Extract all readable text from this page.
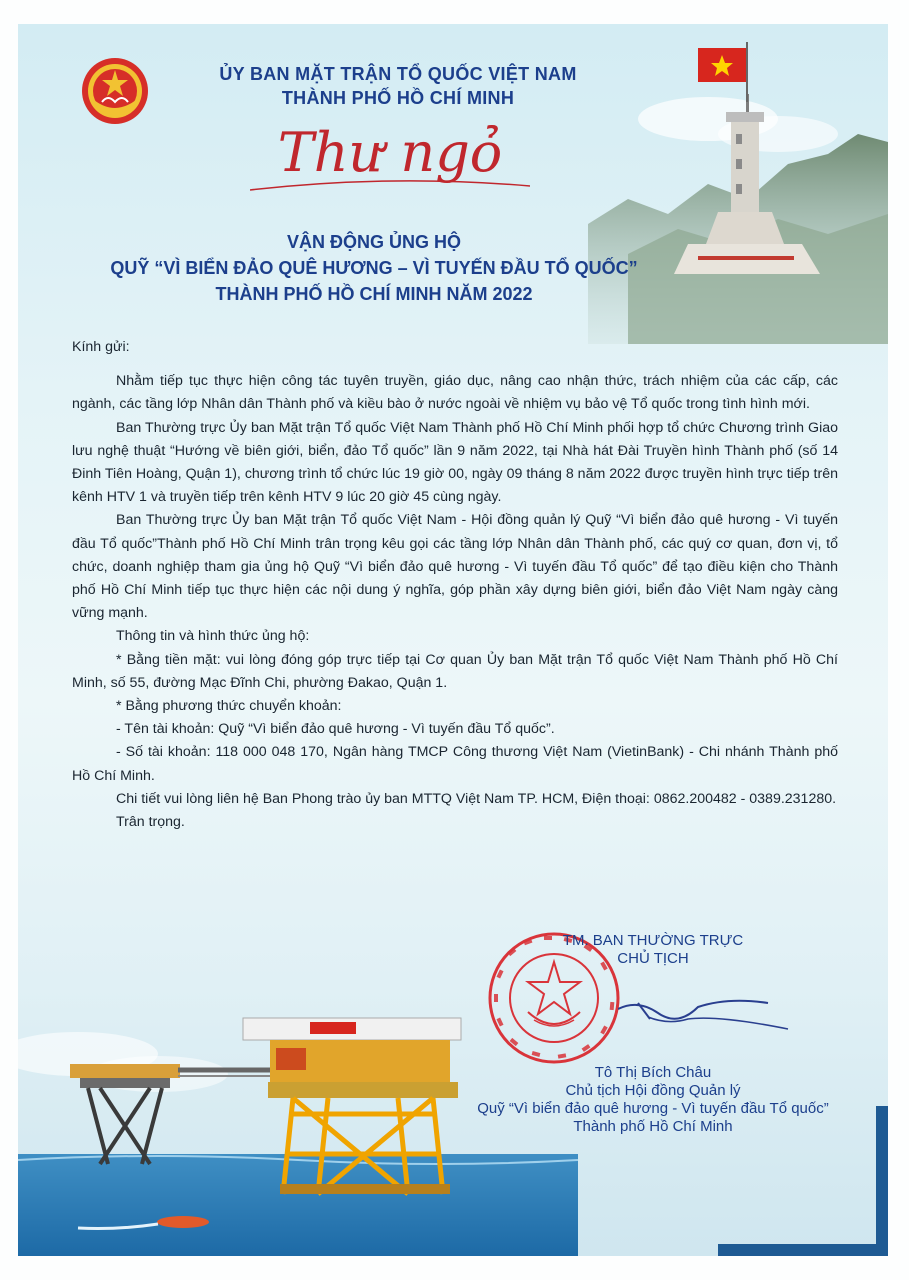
ỦY BAN MẶT TRẬN TỔ QUỐC VIỆT NAM
THÀNH PHỐ HỒ CHÍ MINH
Thư ngỏ
VẬN ĐỘNG ỦNG HỘ
QUỸ “VÌ BIỂN ĐẢO QUÊ HƯƠNG – VÌ TUYẾN ĐẦU TỔ QUỐC”
THÀNH PHỐ HỒ CHÍ MINH NĂM 2022

Kính gửi:

Nhằm tiếp tục thực hiện công tác tuyên truyền, giáo dục, nâng cao nhận thức, trách nhiệm của các cấp, các ngành, các tầng lớp Nhân dân Thành phố và kiều bào ở nước ngoài về nhiệm vụ bảo vệ Tổ quốc trong tình hình mới.

Ban Thường trực Ủy ban Mặt trận Tổ quốc Việt Nam Thành phố Hồ Chí Minh phối hợp tổ chức Chương trình Giao lưu nghệ thuật “Hướng về biên giới, biển, đảo Tổ quốc” lần 9 năm 2022, tại Nhà hát Đài Truyền hình Thành phố (số 14 Đinh Tiên Hoàng, Quận 1), chương trình tổ chức lúc 19 giờ 00, ngày 09 tháng 8 năm 2022 được truyền hình trực tiếp trên kênh HTV 1 và truyền tiếp trên kênh HTV 9 lúc 20 giờ 45 cùng ngày.

Ban Thường trực Ủy ban Mặt trận Tổ quốc Việt Nam - Hội đồng quản lý Quỹ “Vì biển đảo quê hương - Vì tuyến đầu Tổ quốc”Thành phố Hồ Chí Minh trân trọng kêu gọi các tầng lớp Nhân dân Thành phố, các quý cơ quan, đơn vị, tổ chức, doanh nghiệp tham gia ủng hộ Quỹ “Vì biển đảo quê hương - Vì tuyến đầu Tổ quốc” để tạo điều kiện cho Thành phố Hồ Chí Minh tiếp tục thực hiện các nội dung ý nghĩa, góp phần xây dựng biên giới, biển đảo Việt Nam ngày càng vững mạnh.

Thông tin và hình thức ủng hộ:

* Bằng tiền mặt: vui lòng đóng góp trực tiếp tại Cơ quan Ủy ban Mặt trận Tổ quốc Việt Nam Thành phố Hồ Chí Minh, số 55, đường Mạc Đĩnh Chi, phường Đakao, Quận 1.

* Bằng phương thức chuyển khoản:

- Tên tài khoản: Quỹ “Vì biển đảo quê hương - Vì tuyến đầu Tổ quốc”.

- Số tài khoản: 118 000 048 170, Ngân hàng TMCP Công thương Việt Nam (VietinBank) - Chi nhánh Thành phố Hồ Chí Minh.

Chi tiết vui lòng liên hệ Ban Phong trào ủy ban MTTQ Việt Nam TP. HCM, Điện thoại: 0862.200482 - 0389.231280.

Trân trọng.

TM. BAN THƯỜNG TRỰC
CHỦ TỊCH
Tô Thị Bích Châu
Chủ tịch Hội đồng Quản lý
Quỹ “Vì biển đảo quê hương - Vì tuyến đầu Tổ quốc”
Thành phố Hồ Chí Minh
